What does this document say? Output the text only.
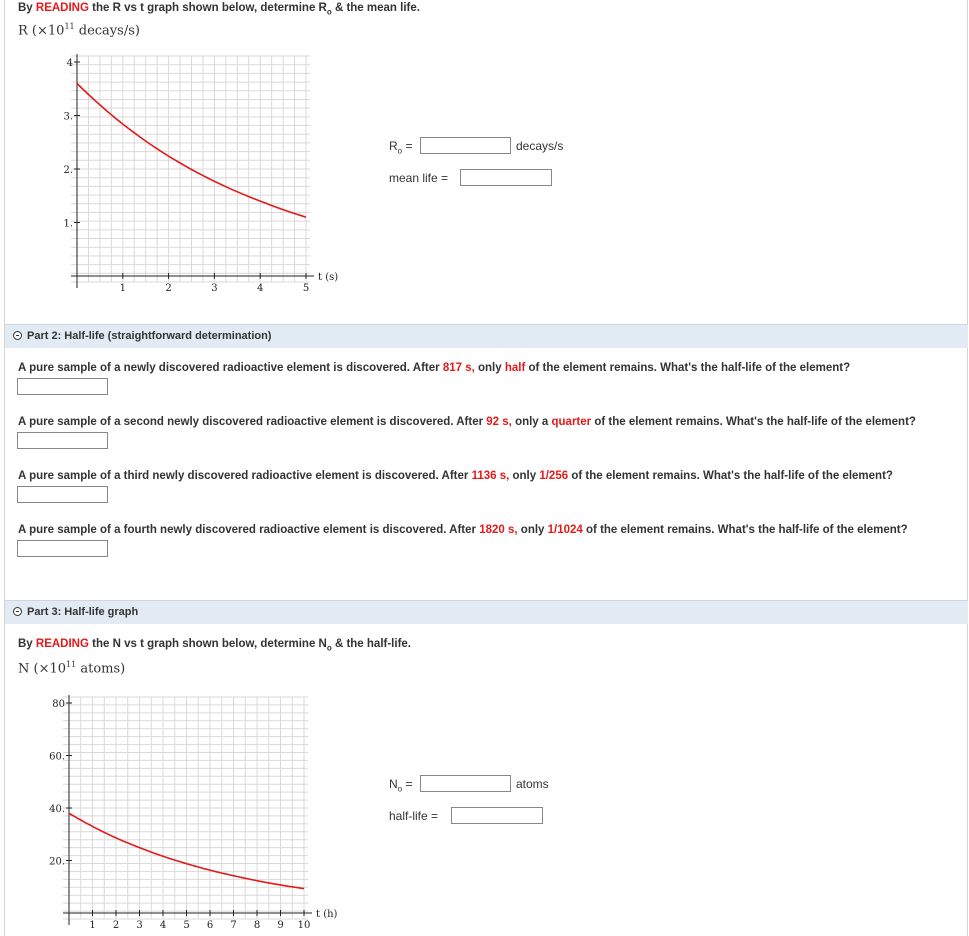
By READING the R vs t graph shown below, determine $R_o$ & the mean life.
R ($\times 10^{11}$ decays/s)
1	2	3	4	5
1.
2.
3.
4
t (s)
$R_o$ =	decays/s
mean life =
Part 2: Half-life (straightforward determination)
A pure sample of a newly discovered radioactive element is discovered. After 817 s, only half of the element remains. What's the half-life of the element?
A pure sample of a second newly discovered radioactive element is discovered. After 92 s, only a quarter of the element remains. What's the half-life of the element?
A pure sample of a third newly discovered radioactive element is discovered. After 1136 s, only 1/256 of the element remains. What's the half-life of the element?
A pure sample of a fourth newly discovered radioactive element is discovered. After 1820 s, only 1/1024 of the element remains. What's the half-life of the element?
Part 3: Half-life graph
By READING the N vs t graph shown below, determine $N_o$ & the half-life.
N ($\times 10^{11}$ atoms)
1 2 3 4 5 6 7 8 9 10
20.
40.
60.
80
t (h)
$N_o$ =	atoms
half-life =
